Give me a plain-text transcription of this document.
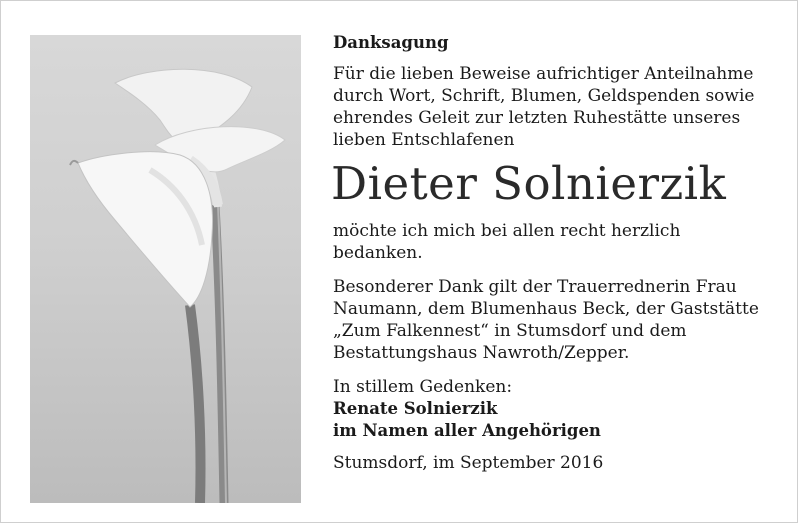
Danksagung

Für die lieben Beweise aufrichtiger Anteilnahme

durch Wort, Schrift, Blumen, Geldspenden sowie

ehrendes Geleit zur letzten Ruhestätte unseres

lieben Entschlafenen

Dieter Solnierzik

möchte ich mich bei allen recht herzlich bedanken.

Besonderer Dank gilt der Trauerrednerin Frau

Naumann, dem Blumenhaus Beck, der Gaststätte

„Zum Falkennest“ in Stumsdorf und dem

Bestattungshaus Nawroth/Zepper.

In stillem Gedenken:

Renate Solnierzik

im Namen aller Angehörigen

Stumsdorf, im September 2016
